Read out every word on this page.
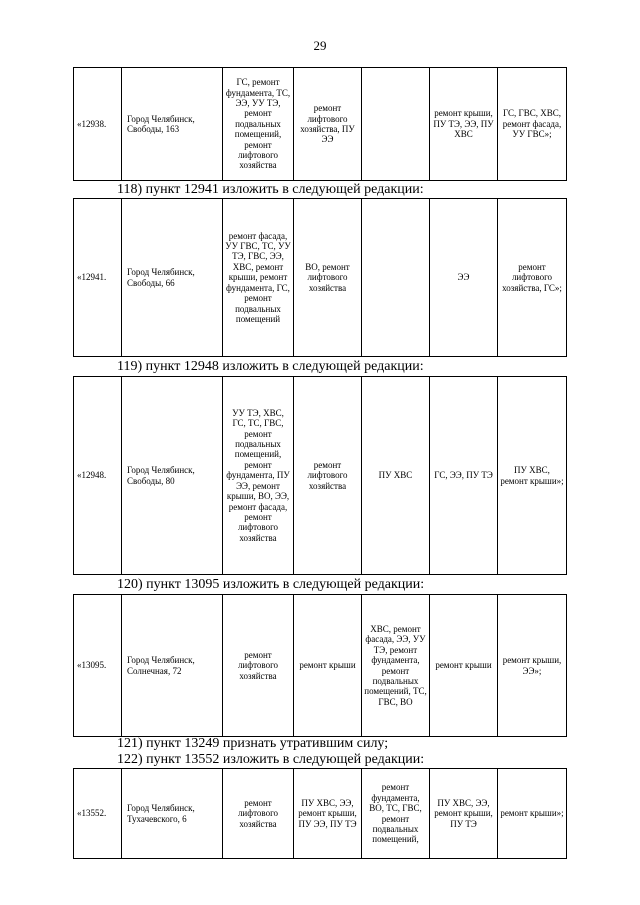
29
«12938.	Город Челябинск, Свободы, 163	ГС, ремонт фундамента, ТС, ЭЭ, УУ ТЭ, ремонт подвальных помещений, ремонт лифтового хозяйства	ремонт лифтового хозяйства, ПУ ЭЭ		ремонт крыши, ПУ ТЭ, ЭЭ, ПУ ХВС	ГС, ГВС, ХВС, ремонт фасада, УУ ГВС»;
118) пункт 12941 изложить в следующей редакции:
«12941.	Город Челябинск, Свободы, 66	ремонт фасада, УУ ГВС, ТС, УУ ТЭ, ГВС, ЭЭ, ХВС, ремонт крыши, ремонт фундамента, ГС, ремонт подвальных помещений	ВО, ремонт лифтового хозяйства		ЭЭ	ремонт лифтового хозяйства, ГС»;
119) пункт 12948 изложить в следующей редакции:
«12948.	Город Челябинск, Свободы, 80	УУ ТЭ, ХВС, ГС, ТС, ГВС, ремонт подвальных помещений, ремонт фундамента, ПУ ЭЭ, ремонт крыши, ВО, ЭЭ, ремонт фасада, ремонт лифтового хозяйства	ремонт лифтового хозяйства	ПУ ХВС	ГС, ЭЭ, ПУ ТЭ	ПУ ХВС, ремонт крыши»;
120) пункт 13095 изложить в следующей редакции:
«13095.	Город Челябинск, Солнечная, 72	ремонт лифтового хозяйства	ремонт крыши	ХВС, ремонт фасада, ЭЭ, УУ ТЭ, ремонт фундамента, ремонт подвальных помещений, ТС, ГВС, ВО	ремонт крыши	ремонт крыши, ЭЭ»;
121) пункт 13249 признать утратившим силу;
122) пункт 13552 изложить в следующей редакции:
«13552.	Город Челябинск, Тухачевского, 6	ремонт лифтового хозяйства	ПУ ХВС, ЭЭ, ремонт крыши, ПУ ЭЭ, ПУ ТЭ	ремонт фундамента, ВО, ТС, ГВС, ремонт подвальных помещений,	ПУ ХВС, ЭЭ, ремонт крыши, ПУ ТЭ	ремонт крыши»;
